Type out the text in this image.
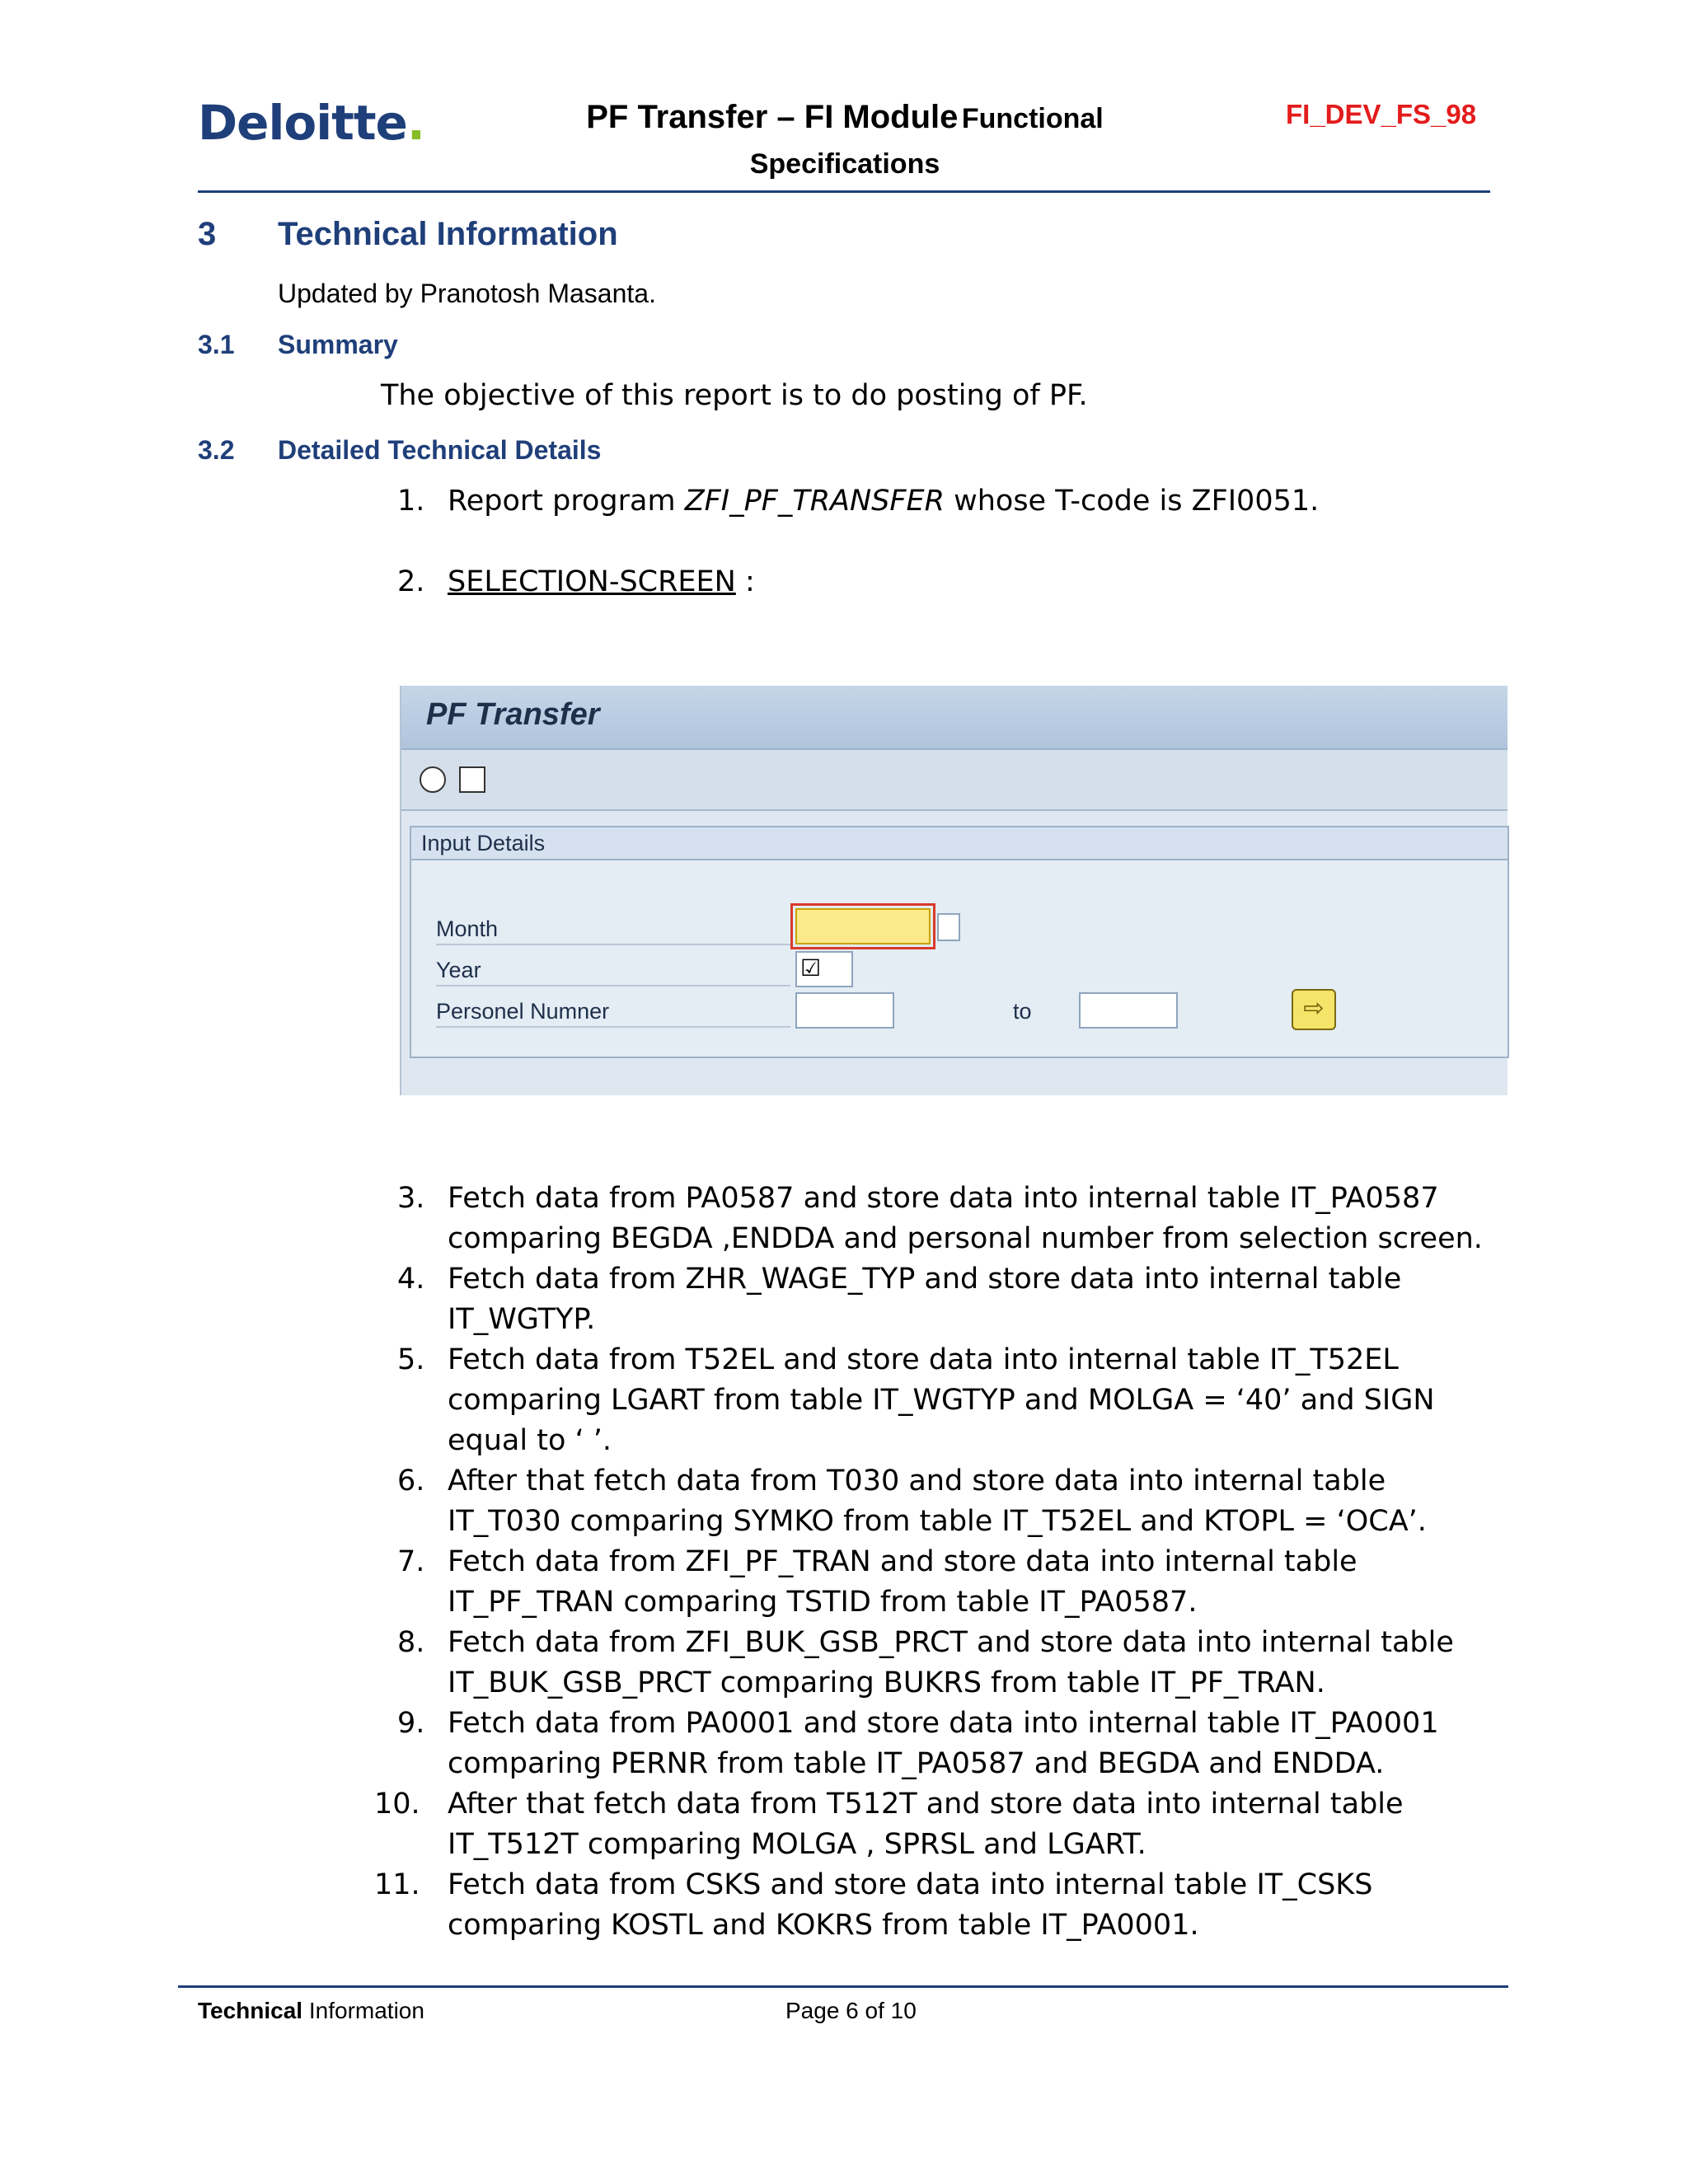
Deloitte.	PF Transfer – FI Module Functional
Specifications
FI_DEV_FS_98
3 Technical Information
Updated by Pranotosh Masanta.
3.1 Summary
The objective of this report is to do posting of PF.
3.2 Detailed Technical Details
1. Report program ZFI_PF_TRANSFER whose T-code is ZFI0051.
2. SELECTION-SCREEN :
PF Transfer
Input Details
Month
Year	☑
Personel Numner	to	⇨
3. Fetch data from PA0587 and store data into internal table IT_PA0587 comparing BEGDA ,ENDDA and personal number from selection screen.
4. Fetch data from ZHR_WAGE_TYP and store data into internal table IT_WGTYP.
5. Fetch data from T52EL and store data into internal table IT_T52EL comparing LGART from table IT_WGTYP and MOLGA = ‘40’ and SIGN equal to ‘ ’.
6. After that fetch data from T030 and store data into internal table IT_T030 comparing SYMKO from table IT_T52EL and KTOPL = ‘OCA’.
7. Fetch data from ZFI_PF_TRAN and store data into internal table IT_PF_TRAN comparing TSTID from table IT_PA0587.
8. Fetch data from ZFI_BUK_GSB_PRCT and store data into internal table IT_BUK_GSB_PRCT comparing BUKRS from table IT_PF_TRAN.
9. Fetch data from PA0001 and store data into internal table IT_PA0001 comparing PERNR from table IT_PA0587 and BEGDA and ENDDA.
10. After that fetch data from T512T and store data into internal table IT_T512T comparing MOLGA , SPRSL and LGART.
11. Fetch data from CSKS and store data into internal table IT_CSKS comparing KOSTL and KOKRS from table IT_PA0001.
Technical Information	Page 6 of 10
